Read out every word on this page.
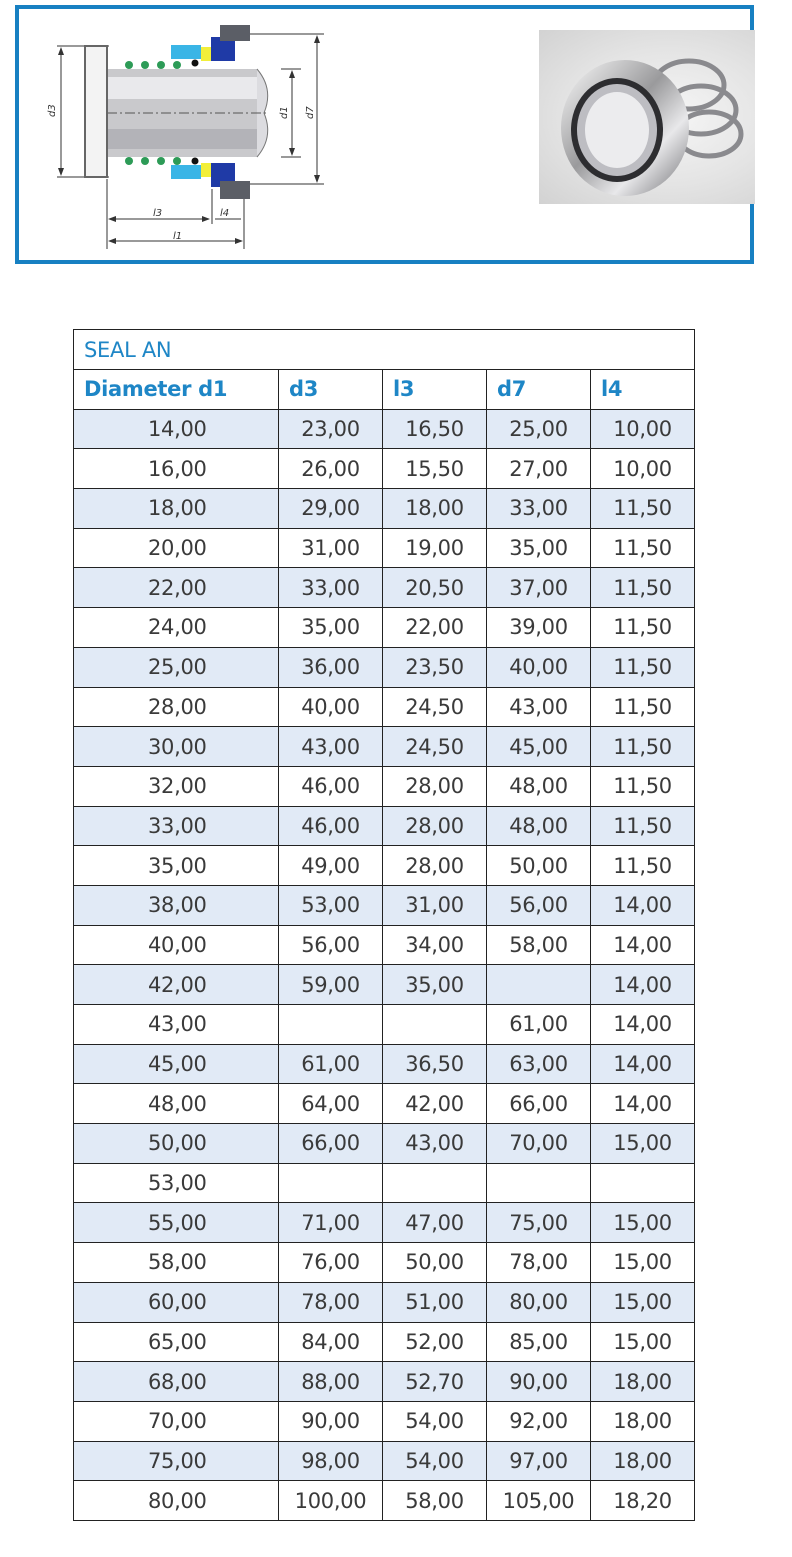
d3	d1 d7
l3	l4
l1
SEAL AN				
Diameter d1	d3	l3	d7	l4
14,00	23,00	16,50	25,00	10,00
16,00	26,00	15,50	27,00	10,00
18,00	29,00	18,00	33,00	11,50
20,00	31,00	19,00	35,00	11,50
22,00	33,00	20,50	37,00	11,50
24,00	35,00	22,00	39,00	11,50
25,00	36,00	23,50	40,00	11,50
28,00	40,00	24,50	43,00	11,50
30,00	43,00	24,50	45,00	11,50
32,00	46,00	28,00	48,00	11,50
33,00	46,00	28,00	48,00	11,50
35,00	49,00	28,00	50,00	11,50
38,00	53,00	31,00	56,00	14,00
40,00	56,00	34,00	58,00	14,00
42,00	59,00	35,00		14,00
43,00			61,00	14,00
45,00	61,00	36,50	63,00	14,00
48,00	64,00	42,00	66,00	14,00
50,00	66,00	43,00	70,00	15,00
53,00				
55,00	71,00	47,00	75,00	15,00
58,00	76,00	50,00	78,00	15,00
60,00	78,00	51,00	80,00	15,00
65,00	84,00	52,00	85,00	15,00
68,00	88,00	52,70	90,00	18,00
70,00	90,00	54,00	92,00	18,00
75,00	98,00	54,00	97,00	18,00
80,00	100,00	58,00	105,00	18,20
